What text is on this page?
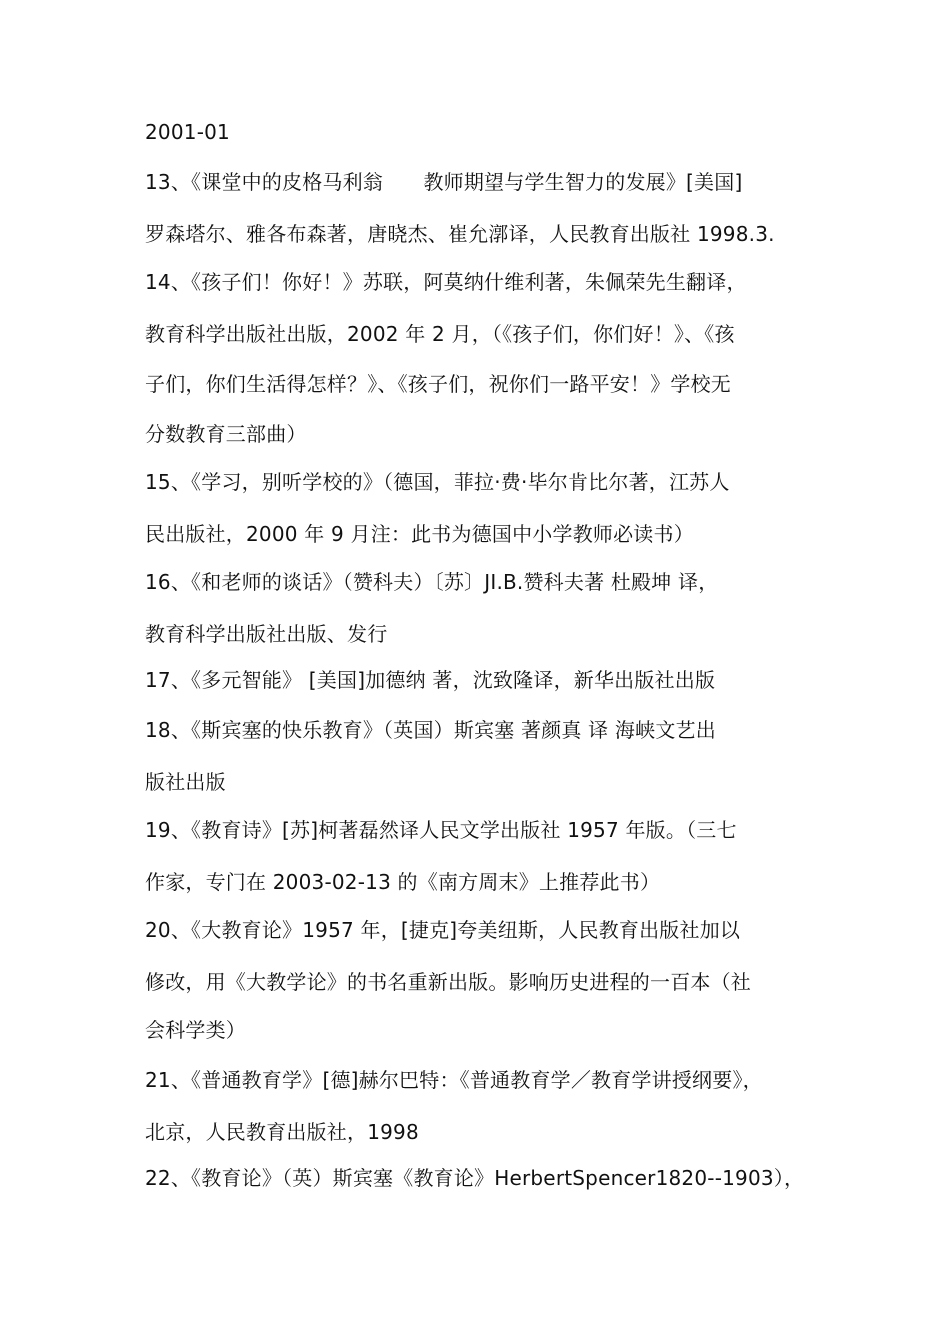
2001-01
13、《课堂中的皮格马利翁　　教师期望与学生智力的发展》[美国]
罗森塔尔、雅各布森著，唐晓杰、崔允漷译，人民教育出版社 1998.3.
14、《孩子们！你好！》苏联，阿莫纳什维利著，朱佩荣先生翻译，
教育科学出版社出版，2002 年 2 月，（《孩子们，你们好！》、《孩
子们，你们生活得怎样？》、《孩子们，祝你们一路平安！》学校无
分数教育三部曲）
15、《学习，别听学校的》（德国，菲拉·费·毕尔肯比尔著，江苏人
民出版社，2000 年 9 月注：此书为德国中小学教师必读书）
16、《和老师的谈话》（赞科夫）〔苏〕JI.B.赞科夫著 杜殿坤 译，
教育科学出版社出版、发行
17、《多元智能》 [美国]加德纳 著，沈致隆译，新华出版社出版
18、《斯宾塞的快乐教育》（英国）斯宾塞 著颜真 译 海峡文艺出
版社出版
19、《教育诗》[苏]柯著磊然译人民文学出版社 1957 年版。（三七
作家，专门在 2003-02-13 的《南方周末》上推荐此书）
20、《大教育论》1957 年，[捷克]夸美纽斯，人民教育出版社加以
修改，用《大教学论》的书名重新出版。影响历史进程的一百本（社
会科学类）
21、《普通教育学》[德]赫尔巴特：《普通教育学／教育学讲授纲要》，
北京，人民教育出版社，1998
22、《教育论》（英）斯宾塞《教育论》HerbertSpencer1820--1903），
